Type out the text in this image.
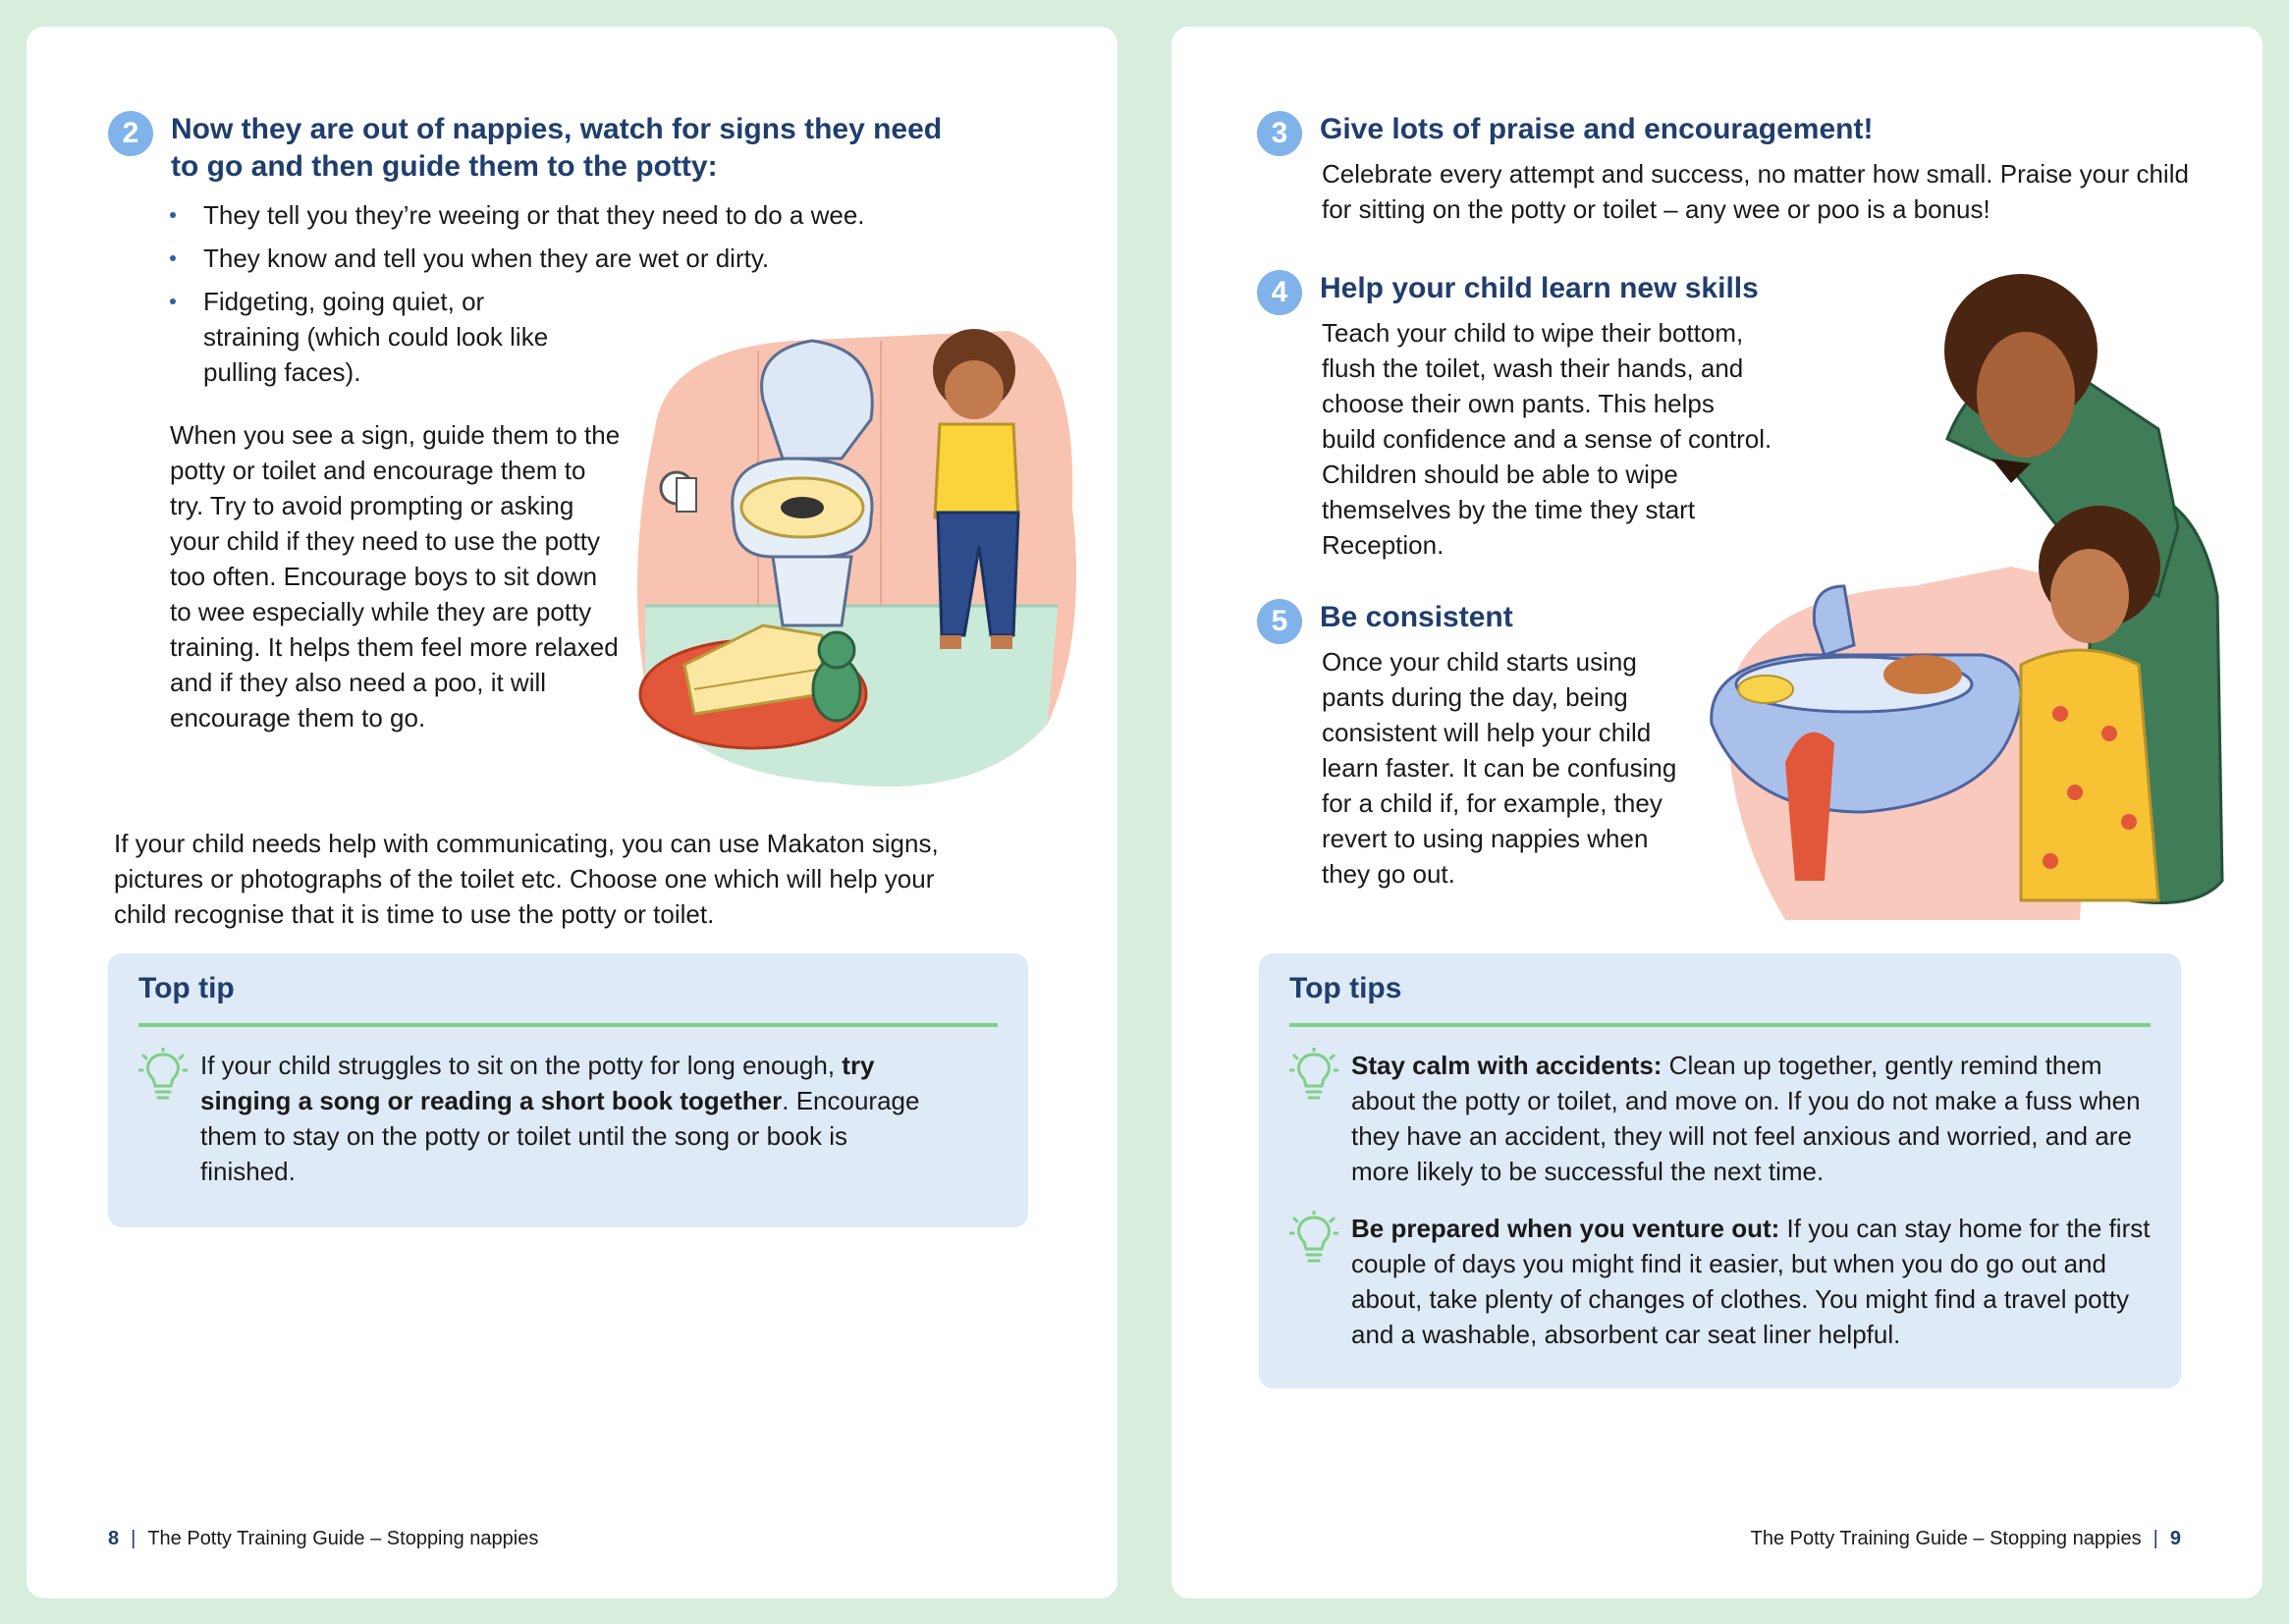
2	Now they are out of nappies, watch for signs they need
to go and then guide them to the potty:
They tell you they’re weeing or that they need to do a wee.
They know and tell you when they are wet or dirty.
Fidgeting, going quiet, or straining (which could look like pulling faces).
When you see a sign, guide them to the potty or toilet and encourage them to try. Try to avoid prompting or asking your child if they need to use the potty too often. Encourage boys to sit down to wee especially while they are potty training. It helps them feel more relaxed and if they also need a poo, it will encourage them to go.
If your child needs help with communicating, you can use Makaton signs, pictures or photographs of the toilet etc. Choose one which will help your child recognise that it is time to use the potty or toilet.
Top tip
If your child struggles to sit on the potty for long enough, try singing a song or reading a short book together. Encourage them to stay on the potty or toilet until the song or book is finished.
8 | The Potty Training Guide – Stopping nappies
3	Give lots of praise and encouragement!
Celebrate every attempt and success, no matter how small. Praise your child for sitting on the potty or toilet – any wee or poo is a bonus!
4	Help your child learn new skills
Teach your child to wipe their bottom, flush the toilet, wash their hands, and choose their own pants. This helps build confidence and a sense of control. Children should be able to wipe themselves by the time they start Reception.
5	Be consistent
Once your child starts using pants during the day, being consistent will help your child learn faster. It can be confusing for a child if, for example, they revert to using nappies when they go out.
Top tips
Stay calm with accidents: Clean up together, gently remind them about the potty or toilet, and move on. If you do not make a fuss when they have an accident, they will not feel anxious and worried, and are more likely to be successful the next time.
Be prepared when you venture out: If you can stay home for the first couple of days you might find it easier, but when you do go out and about, take plenty of changes of clothes. You might find a travel potty and a washable, absorbent car seat liner helpful.
The Potty Training Guide – Stopping nappies | 9
